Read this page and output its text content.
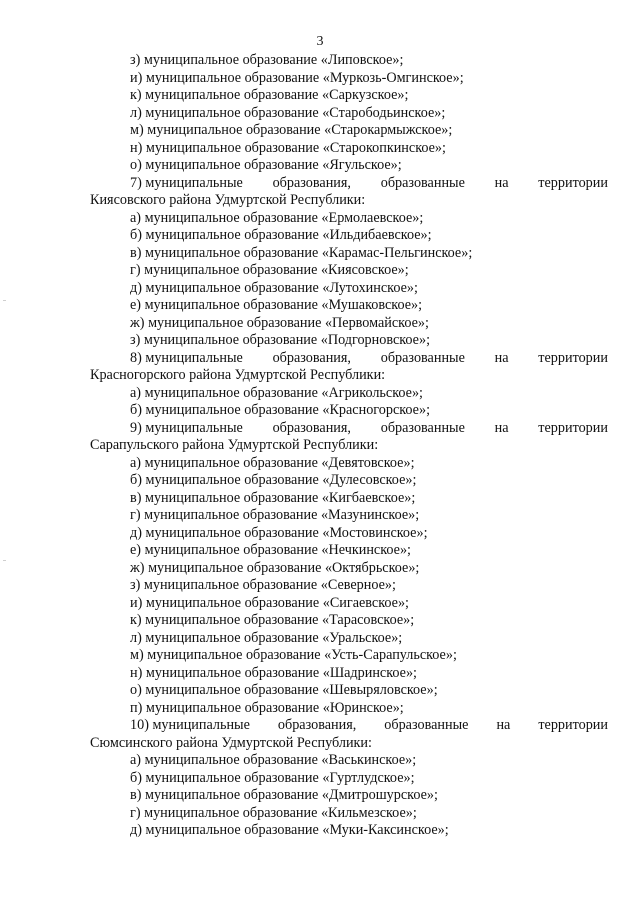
3
з) муниципальное образование «Липовское»;
и) муниципальное образование «Муркозь-Омгинское»;
к) муниципальное образование «Саркузское»;
л) муниципальное образование «Старободьинское»;
м) муниципальное образование «Старокармыжское»;
н) муниципальное образование «Старокопкинское»;
о) муниципальное образование «Ягульское»;
7) муниципальные образования, образованные на территории
Киясовского района Удмуртской Республики:
а) муниципальное образование «Ермолаевское»;
б) муниципальное образование «Ильдибаевское»;
в) муниципальное образование «Карамас-Пельгинское»;
г) муниципальное образование «Киясовское»;
д) муниципальное образование «Лутохинское»;
е) муниципальное образование «Мушаковское»;
ж) муниципальное образование «Первомайское»;
з) муниципальное образование «Подгорновское»;
8) муниципальные образования, образованные на территории
Красногорского района Удмуртской Республики:
а) муниципальное образование «Агрикольское»;
б) муниципальное образование «Красногорское»;
9) муниципальные образования, образованные на территории
Сарапульского района Удмуртской Республики:
а) муниципальное образование «Девятовское»;
б) муниципальное образование «Дулесовское»;
в) муниципальное образование «Кигбаевское»;
г) муниципальное образование «Мазунинское»;
д) муниципальное образование «Мостовинское»;
е) муниципальное образование «Нечкинское»;
ж) муниципальное образование «Октябрьское»;
з) муниципальное образование «Северное»;
и) муниципальное образование «Сигаевское»;
к) муниципальное образование «Тарасовское»;
л) муниципальное образование «Уральское»;
м) муниципальное образование «Усть-Сарапульское»;
н) муниципальное образование «Шадринское»;
о) муниципальное образование «Шевыряловское»;
п) муниципальное образование «Юринское»;
10) муниципальные образования, образованные на территории
Сюмсинского района Удмуртской Республики:
а) муниципальное образование «Васькинское»;
б) муниципальное образование «Гуртлудское»;
в) муниципальное образование «Дмитрошурское»;
г) муниципальное образование «Кильмезское»;
д) муниципальное образование «Муки-Каксинское»;
